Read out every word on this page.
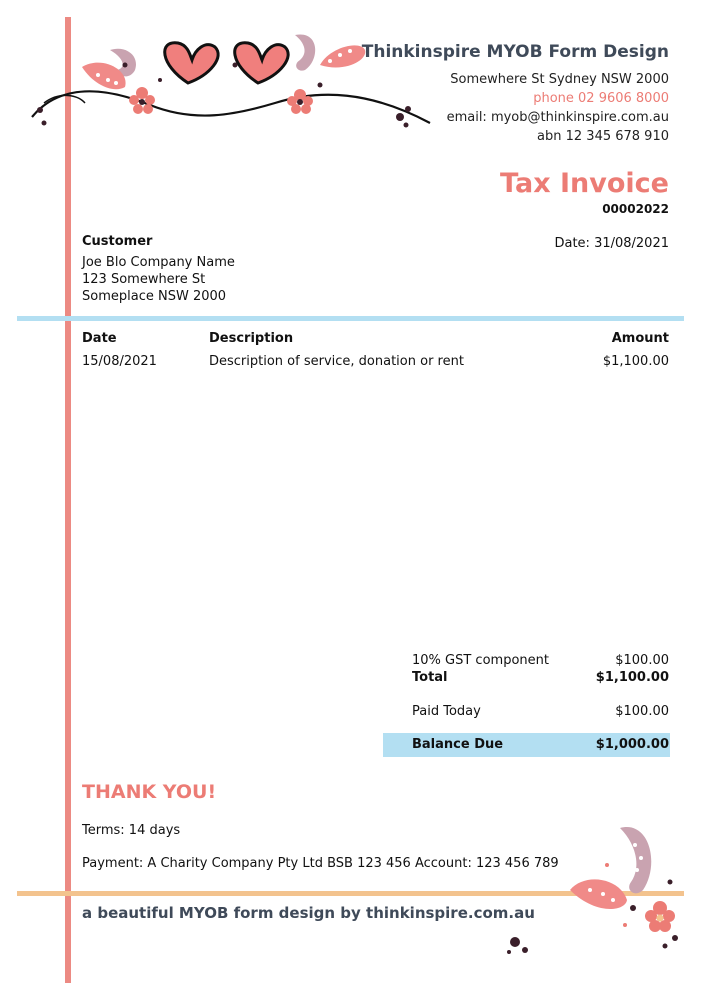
Thinkinspire MYOB Form Design
Somewhere St Sydney NSW 2000
phone 02 9606 8000
email: myob@thinkinspire.com.au
abn 12 345 678 910
Tax Invoice
00002022
Date: 31/08/2021
Customer
Joe Blo Company Name
123 Somewhere St
Someplace NSW 2000
Date	Description	Amount
15/08/2021	Description of service, donation or rent	$1,100.00
10% GST component	$100.00
Total	$1,100.00
Paid Today	$100.00
Balance Due	$1,000.00
THANK YOU!
Terms: 14 days
Payment: A Charity Company Pty Ltd BSB 123 456 Account: 123 456 789
a beautiful MYOB form design by thinkinspire.com.au
